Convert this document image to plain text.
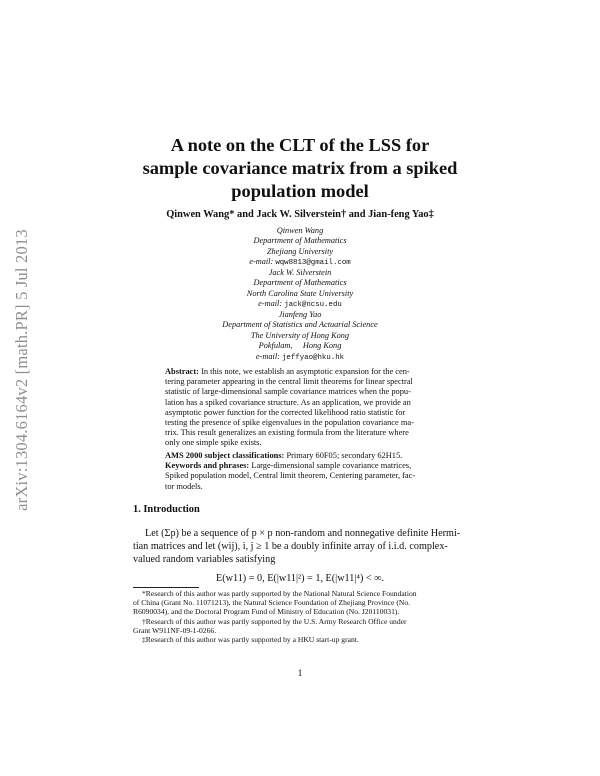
arXiv:1304.6164v2 [math.PR] 5 Jul 2013
A note on the CLT of the LSS for
sample covariance matrix from a spiked
population model
Qinwen Wang* and Jack W. Silverstein† and Jian-feng Yao‡
Qinwen Wang
Department of Mathematics
Zhejiang University
e-mail: wqw8813@gmail.com
Jack W. Silverstein
Department of Mathematics
North Carolina State University
e-mail: jack@ncsu.edu
Jianfeng Yao
Department of Statistics and Actuarial Science
The University of Hong Kong
Pokfulam,     Hong Kong
e-mail: jeffyao@hku.hk
Abstract: In this note, we establish an asymptotic expansion for the cen-
tering parameter appearing in the central limit theorems for linear spectral
statistic of large-dimensional sample covariance matrices when the popu-
lation has a spiked covariance structure. As an application, we provide an
asymptotic power function for the corrected likelihood ratio statistic for
testing the presence of spike eigenvalues in the population covariance ma-
trix. This result generalizes an existing formula from the literature where
only one simple spike exists.
AMS 2000 subject classifications: Primary 60F05; secondary 62H15.
Keywords and phrases: Large-dimensional sample covariance matrices,
Spiked population model, Central limit theorem, Centering parameter, fac-
tor models.
1. Introduction
Let (Σp) be a sequence of p × p non-random and nonnegative definite Hermi-
tian matrices and let (wij), i, j ≥ 1 be a doubly infinite array of i.i.d. complex-
valued random variables satisfying
E(w11) = 0, E(|w11|²) = 1, E(|w11|⁴) < ∞.
*Research of this author was partly supported by the National Natural Science Foundation
of China (Grant No. 11071213), the Natural Science Foundation of Zhejiang Province (No.
R6090034), and the Doctoral Program Fund of Ministry of Education (No. J20110031).
†Research of this author was partly supported by the U.S. Army Research Office under
Grant W911NF-09-1-0266.
‡Research of this author was partly supported by a HKU start-up grant.
1
